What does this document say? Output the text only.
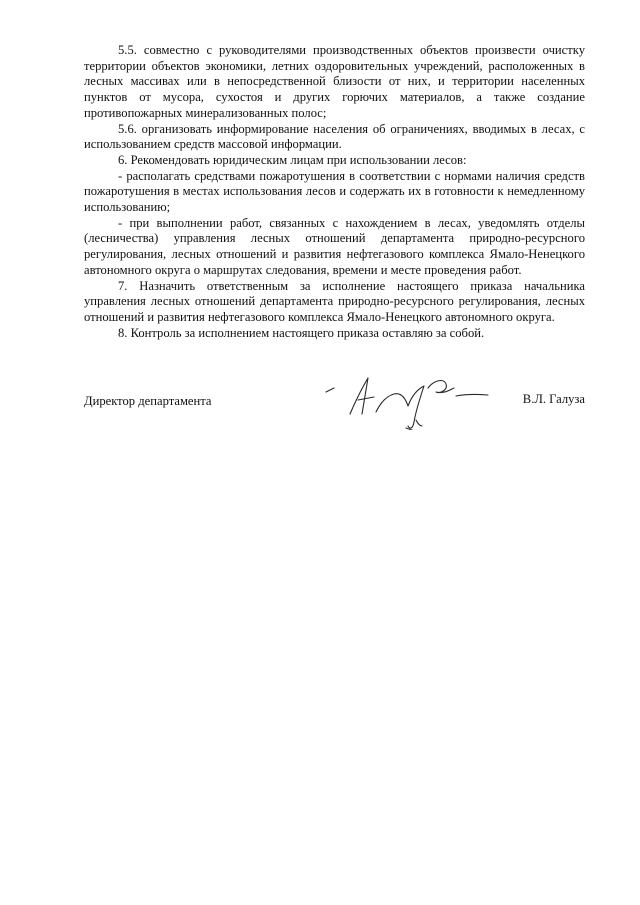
5.5. совместно с руководителями производственных объектов произвести очистку территории объектов экономики, летних оздоровительных учреждений, расположенных в лесных массивах или в непосредственной близости от них, и территории населенных пунктов от мусора, сухостоя и других горючих материалов, а также создание противопожарных минерализованных полос;

5.6. организовать информирование населения об ограничениях, вводимых в лесах, с использованием средств массовой информации.

6. Рекомендовать юридическим лицам при использовании лесов:

- располагать средствами пожаротушения в соответствии с нормами наличия средств пожаротушения в местах использования лесов и содержать их в готовности к немедленному использованию;

- при выполнении работ, связанных с нахождением в лесах, уведомлять отделы (лесничества) управления лесных отношений департамента природно-ресурсного регулирования, лесных отношений и развития нефтегазового комплекса Ямало-Ненецкого автономного округа о маршрутах следования, времени и месте проведения работ.

7. Назначить ответственным за исполнение настоящего приказа начальника управления лесных отношений департамента природно-ресурсного регулирования, лесных отношений и развития нефтегазового комплекса Ямало-Ненецкого автономного округа.

8. Контроль за исполнением настоящего приказа оставляю за собой.

Директор департамента	В.Л. Галуза
